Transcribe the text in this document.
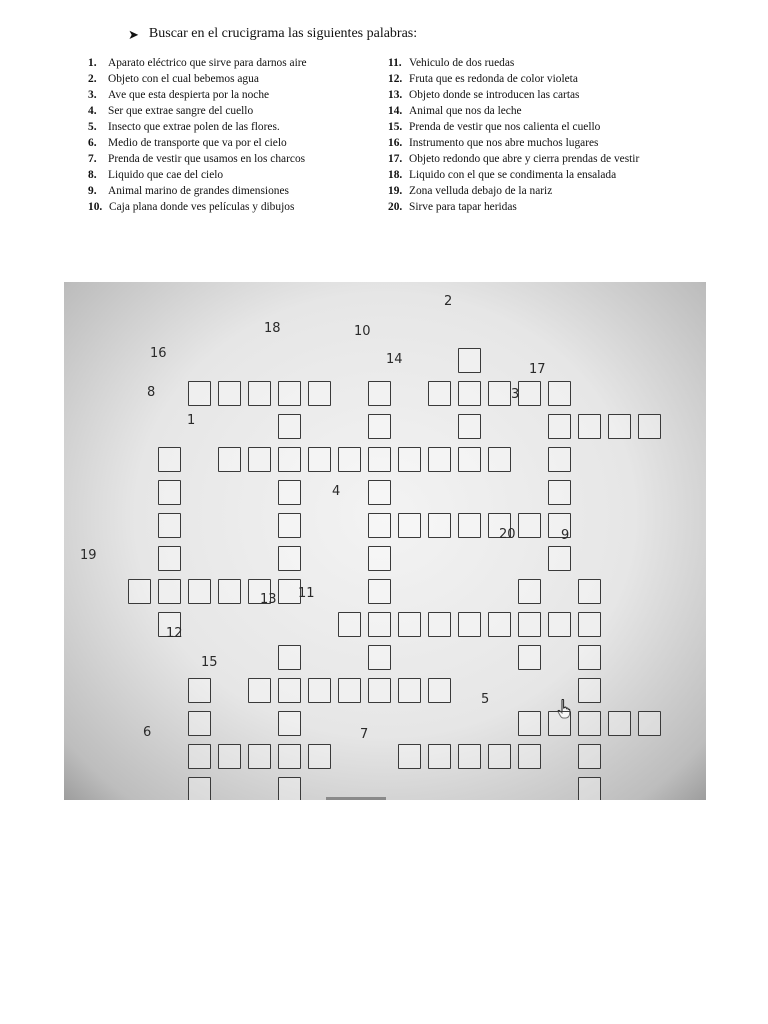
➤ Buscar en el crucigrama las siguientes palabras:
1.	Aparato eléctrico que sirve para darnos aire
2.	Objeto con el cual bebemos agua
3.	Ave que esta despierta por la noche
4.	Ser que extrae sangre del cuello
5.	Insecto que extrae polen de las flores.
6.	Medio de transporte que va por el cielo
7.	Prenda de vestir que usamos en los charcos
8.	Liquido que cae del cielo
9.	Animal marino de grandes dimensiones
10. Caja plana donde ves películas y dibujos
11. Vehiculo de dos ruedas
12. Fruta que es redonda de color violeta
13. Objeto donde se introducen las cartas
14. Animal que nos da leche
15. Prenda de vestir que nos calienta el cuello
16. Instrumento que nos abre muchos lugares
17. Objeto redondo que abre y cierra prendas de vestir
18. Liquido con el que se condimenta la ensalada
19. Zona velluda debajo de la nariz
20. Sirve para tapar heridas
2
18	10
16	14
17
8	3
1
4
20	9
19
13 11
12
15
5
6	7
